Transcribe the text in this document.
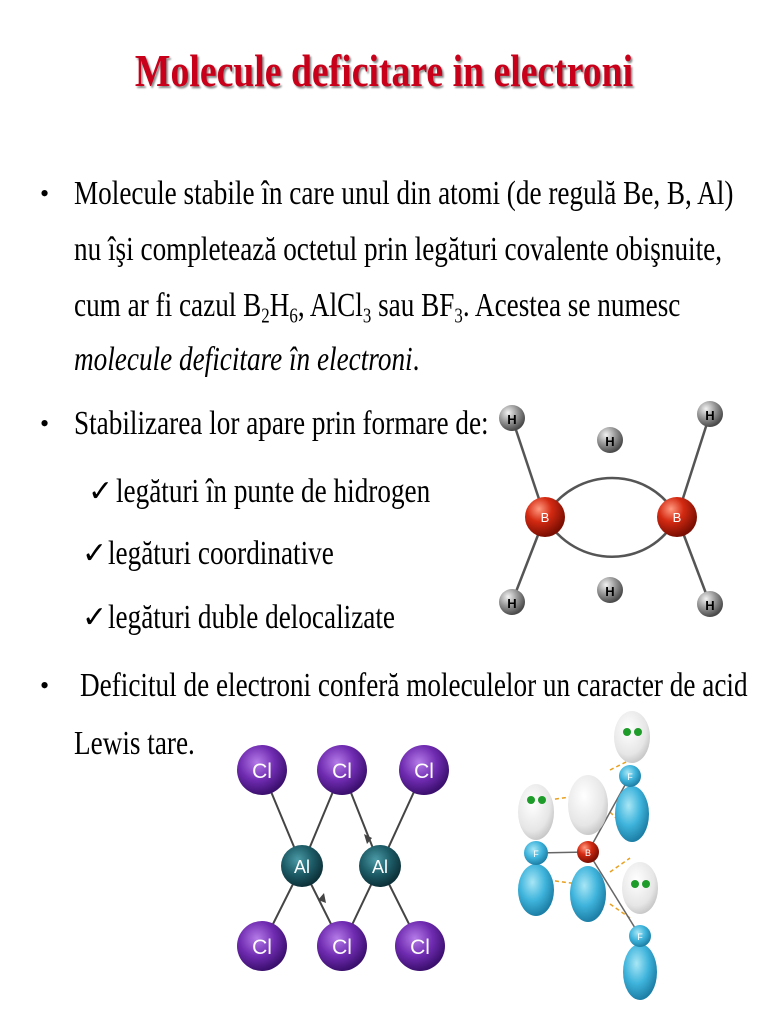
Molecule deficitare in electroni
• Molecule stabile în care unul din atomi (de regulă Be, B, Al)
nu îşi completează octetul prin legături covalente obişnuite,
cum ar fi cazul $B_2H_6$, AlCl$_3$ sau $BF_3$. Acestea se numesc
molecule deficitare în electroni.
• Stabilizarea lor apare prin formare de:
✓ legături în punte de hidrogen
✓ legături coordinative
✓ legături duble delocalizate
• Deficitul de electroni conferă moleculelor un caracter de acid
Lewis tare.
H
H
H
H
H	H
B	B
Cl	Cl	Cl
Cl	Cl	Cl
Al	Al
F	B
F
F
